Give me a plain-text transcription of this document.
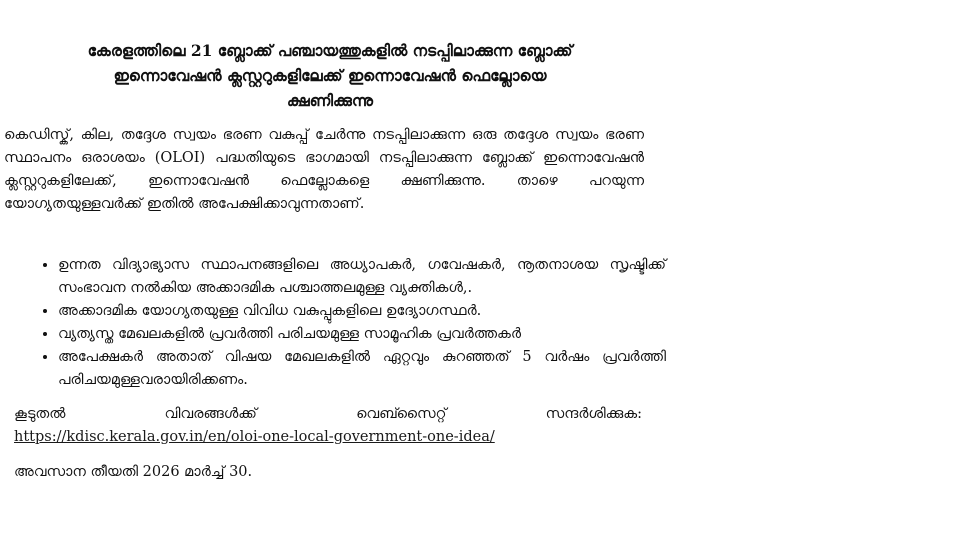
കേരളത്തിലെ 21 ബ്ലോക്ക് പഞ്ചായത്തുകളിൽ നടപ്പിലാക്കുന്ന ബ്ലോക്ക്
ഇന്നൊവേഷൻ ക്ലസ്റ്ററുകളിലേക്ക് ഇന്നൊവേഷൻ ഫെല്ലോയെ
ക്ഷണിക്കുന്നു
കെഡിസ്ക്, കില, തദ്ദേശ സ്വയം ഭരണ വകുപ്പ് ചേർന്നു നടപ്പിലാക്കുന്ന ഒരു തദ്ദേശ സ്വയം ഭരണ സ്ഥാപനം ഒരാശയം (OLOI) പദ്ധതിയുടെ ഭാഗമായി നടപ്പിലാക്കുന്ന ബ്ലോക്ക് ഇന്നൊവേഷൻ ക്ലസ്റ്ററുകളിലേക്ക്, ഇന്നൊവേഷൻ ഫെല്ലോകളെ ക്ഷണിക്കുന്നു. താഴെ പറയുന്ന യോഗ്യതയുള്ളവർക്ക് ഇതിൽ അപേക്ഷിക്കാവുന്നതാണ്.
• ഉന്നത വിദ്യാഭ്യാസ സ്ഥാപനങ്ങളിലെ അധ്യാപകർ, ഗവേഷകർ, നൂതനാശയ സൃഷ്ടിക്ക് സംഭാവന നൽകിയ അക്കാദമിക പശ്ചാത്തലമുള്ള വ്യക്തികൾ,.
• അക്കാദമിക യോഗ്യതയുള്ള വിവിധ വകുപ്പുകളിലെ ഉദ്യോഗസ്ഥർ.
• വ്യത്യസ്ത മേഖലകളിൽ പ്രവർത്തി പരിചയമുള്ള സാമൂഹിക പ്രവർത്തകർ
• അപേക്ഷകർ അതാത് വിഷയ മേഖലകളിൽ ഏറ്റവും കുറഞ്ഞത് 5 വർഷം പ്രവർത്തി പരിചയമുള്ളവരായിരിക്കണം.
കൂടുതൽ വിവരങ്ങൾക്ക് വെബ്സൈറ്റ് സന്ദർശിക്കുക:
https://kdisc.kerala.gov.in/en/oloi-one-local-government-one-idea/
അവസാന തീയതി 2026 മാർച്ച് 30.
